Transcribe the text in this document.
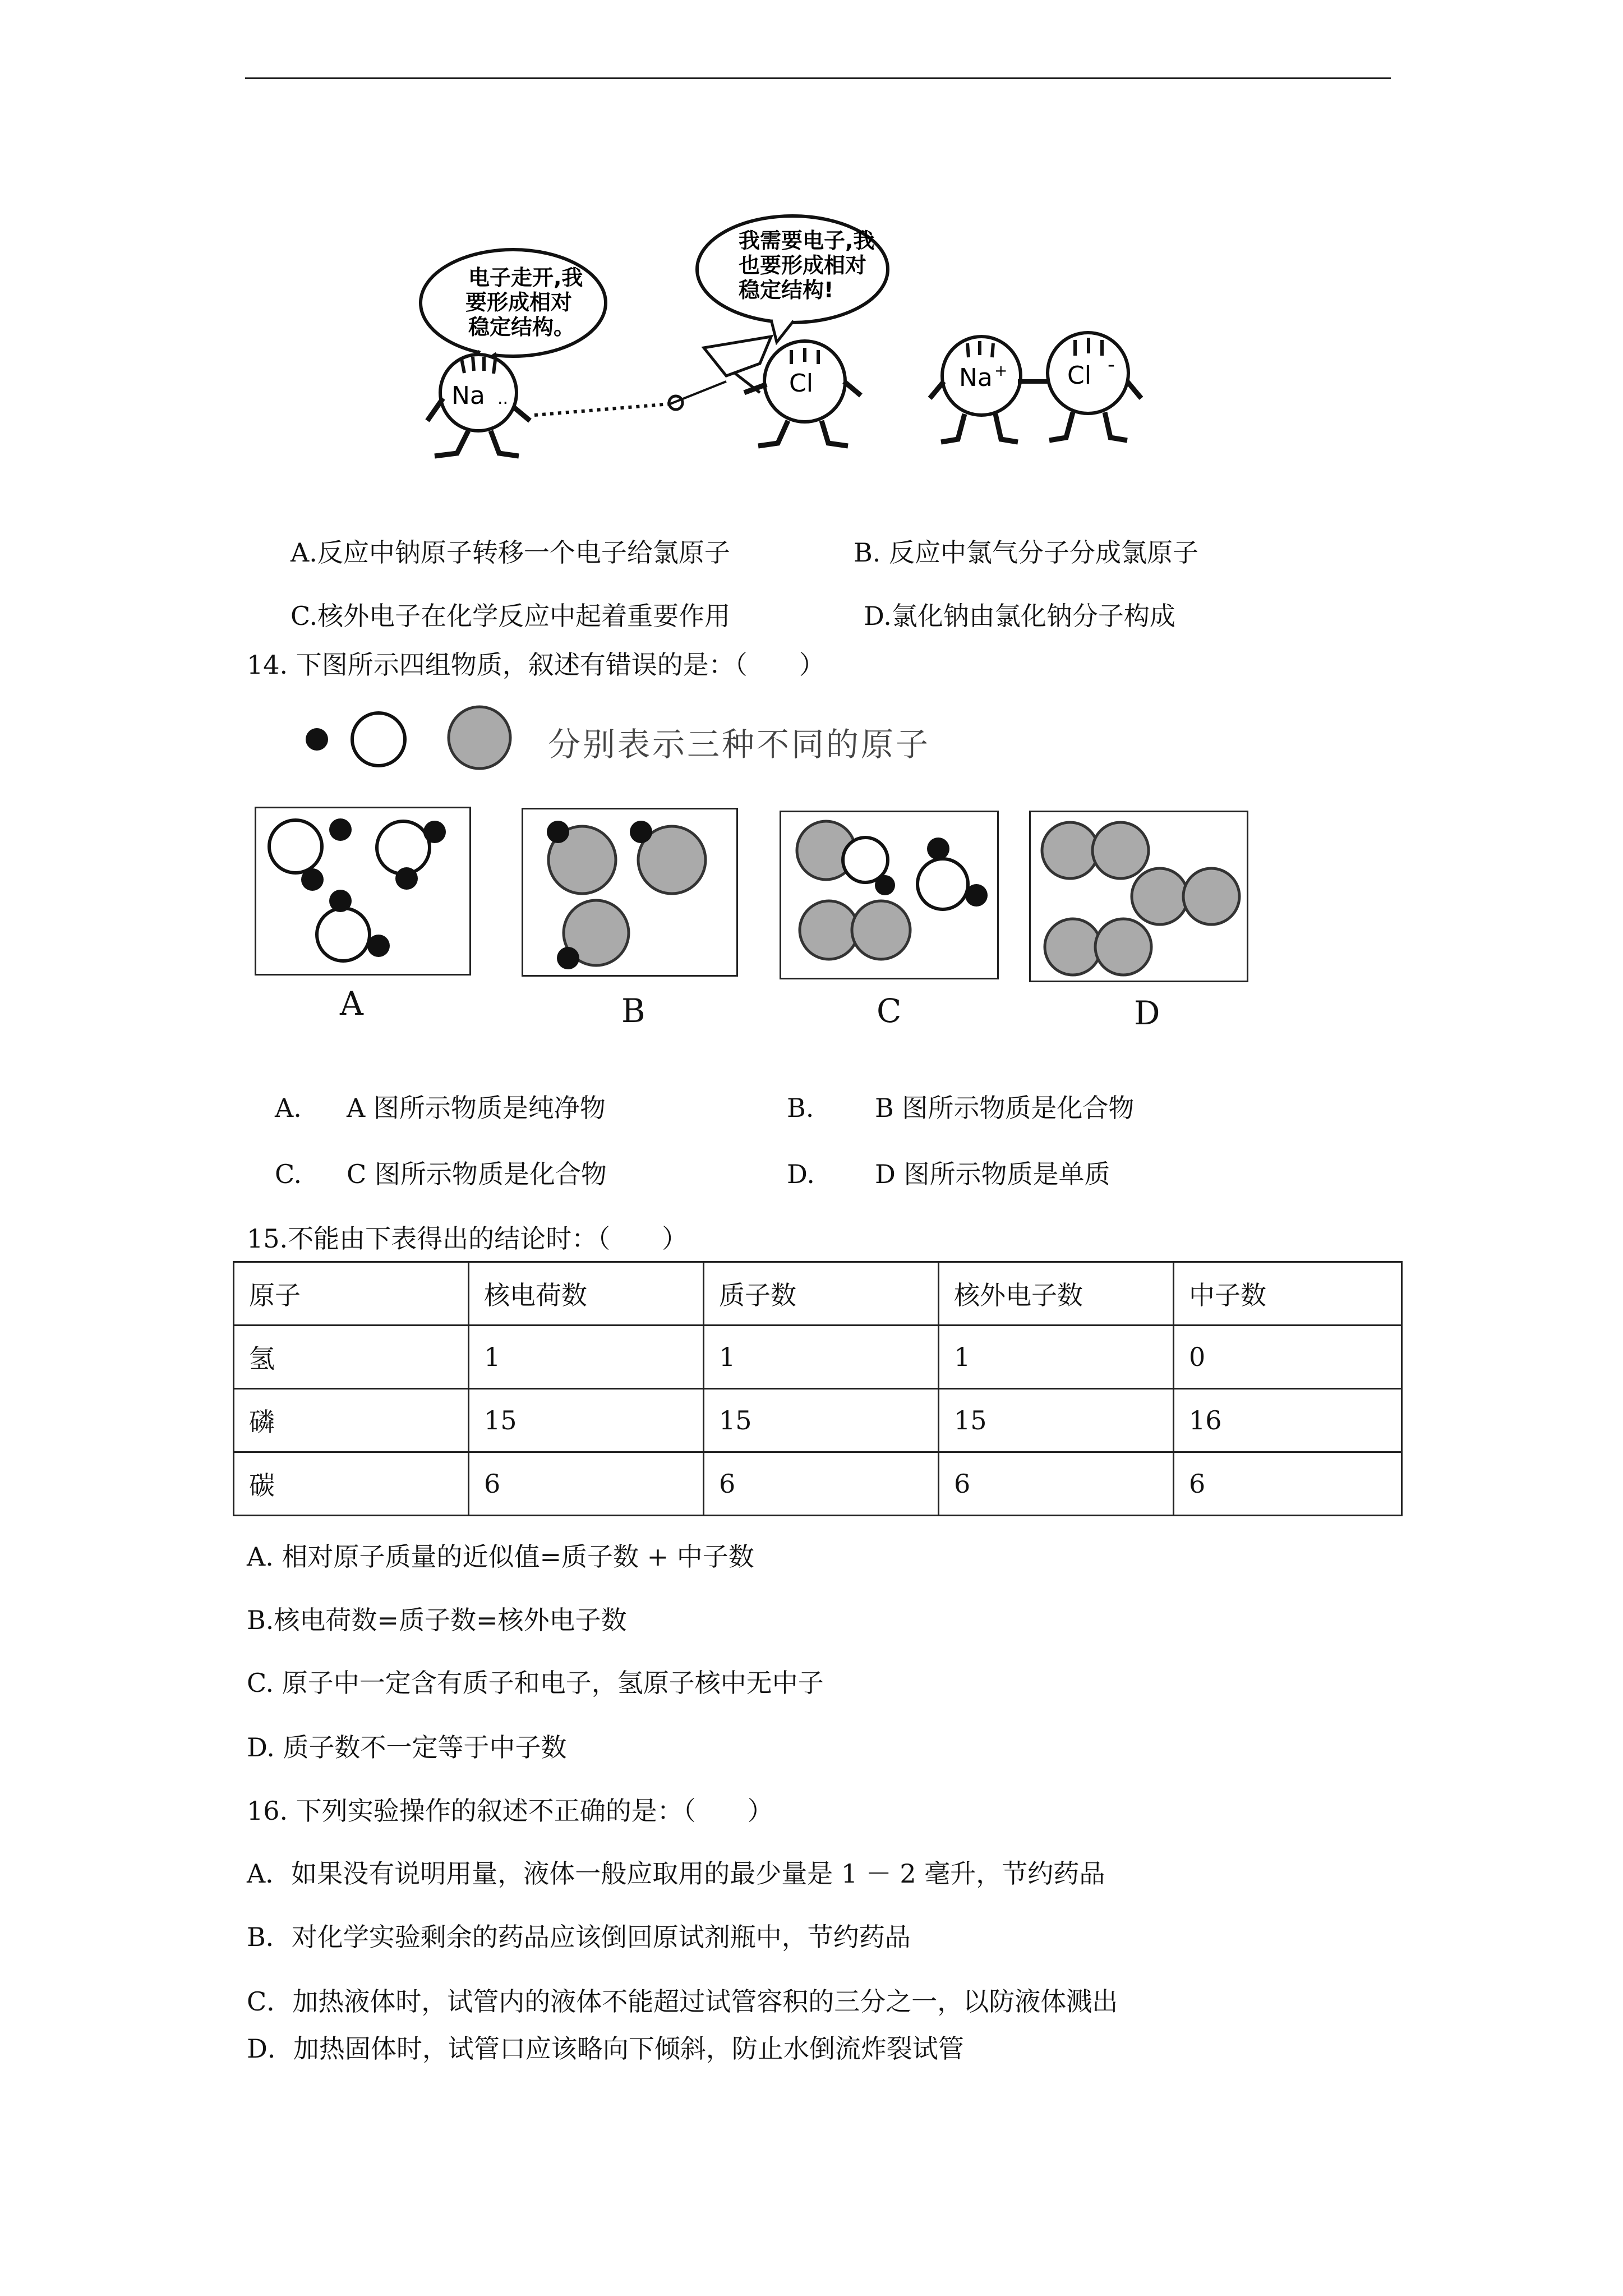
电子走开,我
要形成相对
稳定结构。
我需要电子,我
也要形成相对
稳定结构!
Na ..
Cl	Na + Cl -
A.反应中钠原子转移一个电子给氯原子	B. 反应中氯气分子分成氯原子
C.核外电子在化学反应中起着重要作用	D.氯化钠由氯化钠分子构成
14. 下图所示四组物质，叙述有错误的是：（　　）
分别表示三种不同的原子
A	B	C	D
A. A 图所示物质是纯净物	B. B 图所示物质是化合物
C. C 图所示物质是化合物	D. D 图所示物质是单质
15.不能由下表得出的结论时：（　　）
原子	核电荷数	质子数	核外电子数	中子数
氢	1	1	1	0
磷	15	15	15	16
碳	6	6	6	6
A. 相对原子质量的近似值=质子数 + 中子数
B.核电荷数=质子数=核外电子数
C. 原子中一定含有质子和电子，氢原子核中无中子
D. 质子数不一定等于中子数
16. 下列实验操作的叙述不正确的是：（　　）
A．如果没有说明用量，液体一般应取用的最少量是 1 － 2 毫升，节约药品
B．对化学实验剩余的药品应该倒回原试剂瓶中，节约药品
C．加热液体时，试管内的液体不能超过试管容积的三分之一，以防液体溅出
D．加热固体时，试管口应该略向下倾斜，防止水倒流炸裂试管
